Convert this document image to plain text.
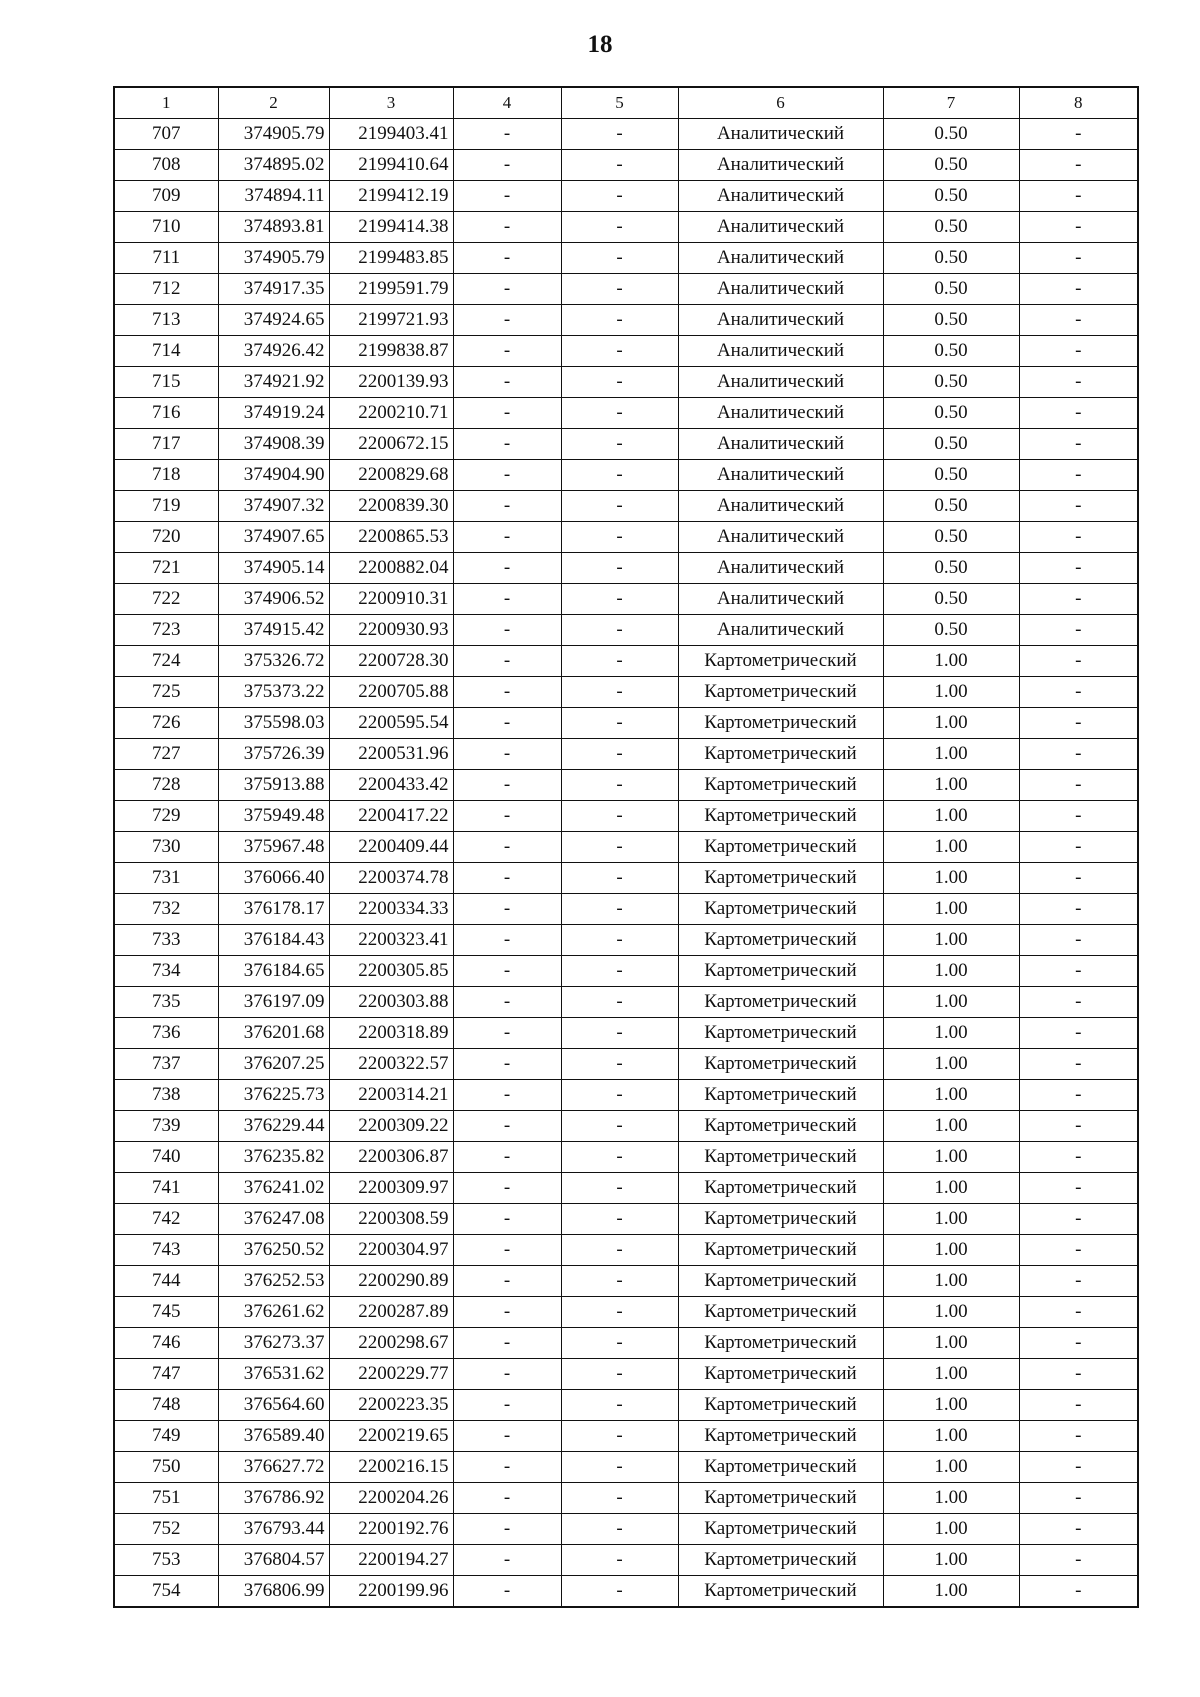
18
1	2	3	4	5	6	7	8
707	374905.79	2199403.41	-	-	Аналитический	0.50	-
708	374895.02	2199410.64	-	-	Аналитический	0.50	-
709	374894.11	2199412.19	-	-	Аналитический	0.50	-
710	374893.81	2199414.38	-	-	Аналитический	0.50	-
711	374905.79	2199483.85	-	-	Аналитический	0.50	-
712	374917.35	2199591.79	-	-	Аналитический	0.50	-
713	374924.65	2199721.93	-	-	Аналитический	0.50	-
714	374926.42	2199838.87	-	-	Аналитический	0.50	-
715	374921.92	2200139.93	-	-	Аналитический	0.50	-
716	374919.24	2200210.71	-	-	Аналитический	0.50	-
717	374908.39	2200672.15	-	-	Аналитический	0.50	-
718	374904.90	2200829.68	-	-	Аналитический	0.50	-
719	374907.32	2200839.30	-	-	Аналитический	0.50	-
720	374907.65	2200865.53	-	-	Аналитический	0.50	-
721	374905.14	2200882.04	-	-	Аналитический	0.50	-
722	374906.52	2200910.31	-	-	Аналитический	0.50	-
723	374915.42	2200930.93	-	-	Аналитический	0.50	-
724	375326.72	2200728.30	-	-	Картометрический	1.00	-
725	375373.22	2200705.88	-	-	Картометрический	1.00	-
726	375598.03	2200595.54	-	-	Картометрический	1.00	-
727	375726.39	2200531.96	-	-	Картометрический	1.00	-
728	375913.88	2200433.42	-	-	Картометрический	1.00	-
729	375949.48	2200417.22	-	-	Картометрический	1.00	-
730	375967.48	2200409.44	-	-	Картометрический	1.00	-
731	376066.40	2200374.78	-	-	Картометрический	1.00	-
732	376178.17	2200334.33	-	-	Картометрический	1.00	-
733	376184.43	2200323.41	-	-	Картометрический	1.00	-
734	376184.65	2200305.85	-	-	Картометрический	1.00	-
735	376197.09	2200303.88	-	-	Картометрический	1.00	-
736	376201.68	2200318.89	-	-	Картометрический	1.00	-
737	376207.25	2200322.57	-	-	Картометрический	1.00	-
738	376225.73	2200314.21	-	-	Картометрический	1.00	-
739	376229.44	2200309.22	-	-	Картометрический	1.00	-
740	376235.82	2200306.87	-	-	Картометрический	1.00	-
741	376241.02	2200309.97	-	-	Картометрический	1.00	-
742	376247.08	2200308.59	-	-	Картометрический	1.00	-
743	376250.52	2200304.97	-	-	Картометрический	1.00	-
744	376252.53	2200290.89	-	-	Картометрический	1.00	-
745	376261.62	2200287.89	-	-	Картометрический	1.00	-
746	376273.37	2200298.67	-	-	Картометрический	1.00	-
747	376531.62	2200229.77	-	-	Картометрический	1.00	-
748	376564.60	2200223.35	-	-	Картометрический	1.00	-
749	376589.40	2200219.65	-	-	Картометрический	1.00	-
750	376627.72	2200216.15	-	-	Картометрический	1.00	-
751	376786.92	2200204.26	-	-	Картометрический	1.00	-
752	376793.44	2200192.76	-	-	Картометрический	1.00	-
753	376804.57	2200194.27	-	-	Картометрический	1.00	-
754	376806.99	2200199.96	-	-	Картометрический	1.00	-
